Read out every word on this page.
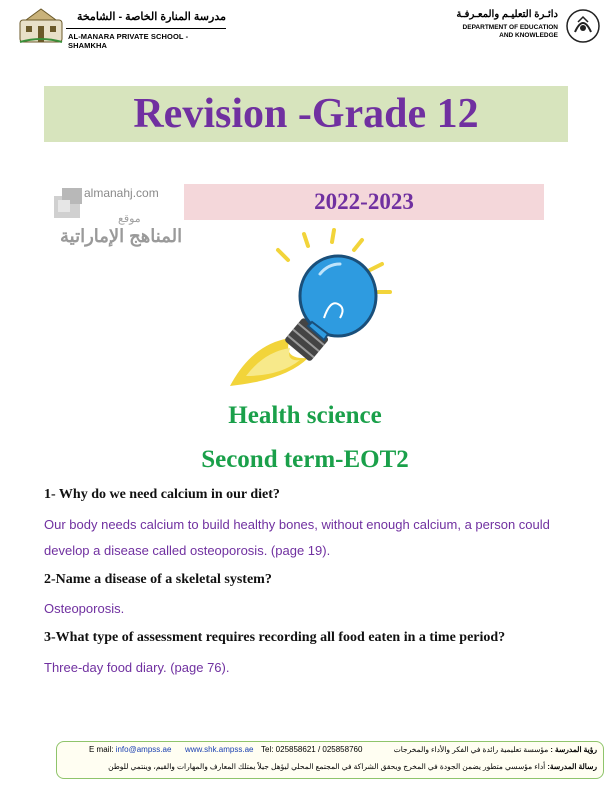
مدرسة المنارة الخاصة - الشامخة
AL-MANARA PRIVATE SCHOOL - SHAMKHA
دائـرة التعليـم والمعـرفـة
DEPARTMENT OF EDUCATION
AND KNOWLEDGE
Revision -Grade 12
2022-2023
almanahj.com
موقع
المناهج الإماراتية
Health science
Second term-EOT2

1- Why do we need calcium in our diet?

Our body needs calcium to build healthy bones, without enough calcium, a person could develop a disease called osteoporosis. (page 19).

2-Name a disease of a skeletal system?

Osteoporosis.

3-What type of assessment requires recording all food eaten in a time period?

Three-day food diary. (page 76).

E mail: info@ampss.ae www.shk.ampss.ae Tel: 025858621 / 025858760	رؤية المدرسة : مؤسسة تعليمية رائدة في الفكر والأداء والمخرجات
رسالة المدرسة: أداء مؤسسي متطور يضمن الجودة في المخرج ويحقق الشراكة في المجتمع المحلي ليؤهل جيلاً يمتلك المعارف والمهارات والقيم، وينتمي للوطن
